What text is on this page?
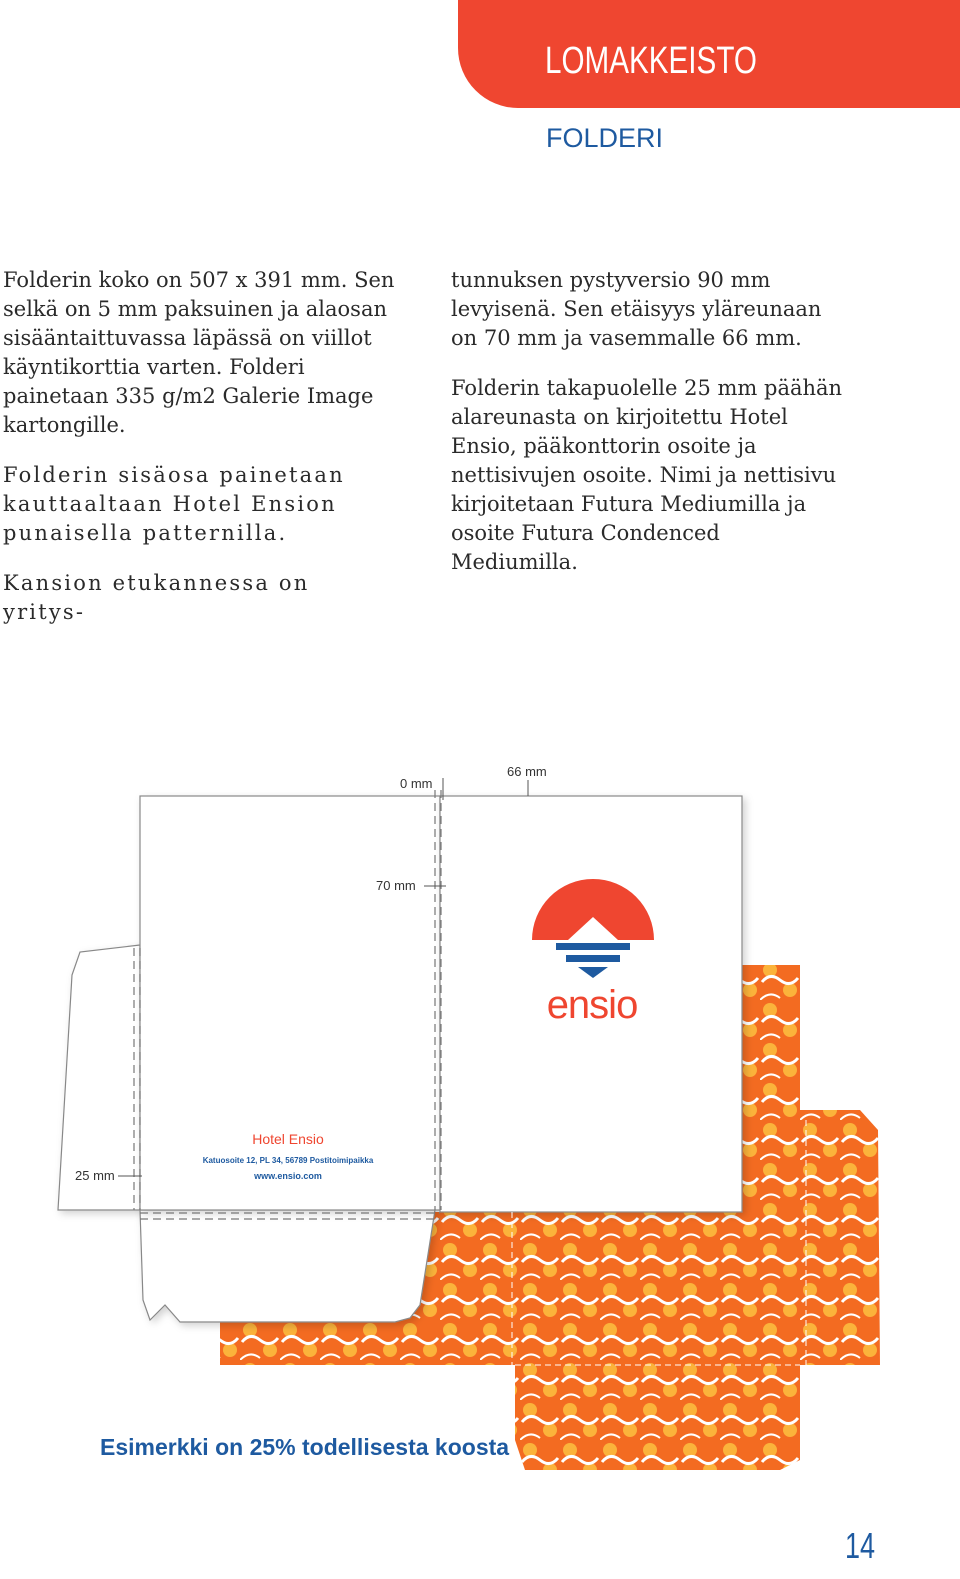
LOMAKKEISTO
FOLDERI

Folderin koko on 507 x 391 mm. Sen selkä on 5 mm paksuinen ja alaosan sisääntaittuvassa läpässä on viillot käyntikorttia varten. Folderi painetaan 335 g/m2 Galerie Image kartongille.

Folderin sisäosa painetaan kauttaaltaan Hotel Ension punaisella patternilla.

Kansion etukannessa on yritys-

tunnuksen pystyversio 90 mm levyisenä. Sen etäisyys yläreunaan on 70 mm ja vasemmalle 66 mm.

Folderin takapuolelle 25 mm päähän alareunasta on kirjoitettu Hotel Ensio, pääkonttorin osoite ja nettisivujen osoite. Nimi ja nettisivu kirjoitetaan Futura Mediumilla ja osoite Futura Condenced Mediumilla.

0 mm
66 mm
70 mm
25 mm
Hotel Ensio
Katuosoite 12, PL 34, 56789 Postitoimipaikka
www.ensio.com
ensio
Esimerkki on 25% todellisesta koosta
14
